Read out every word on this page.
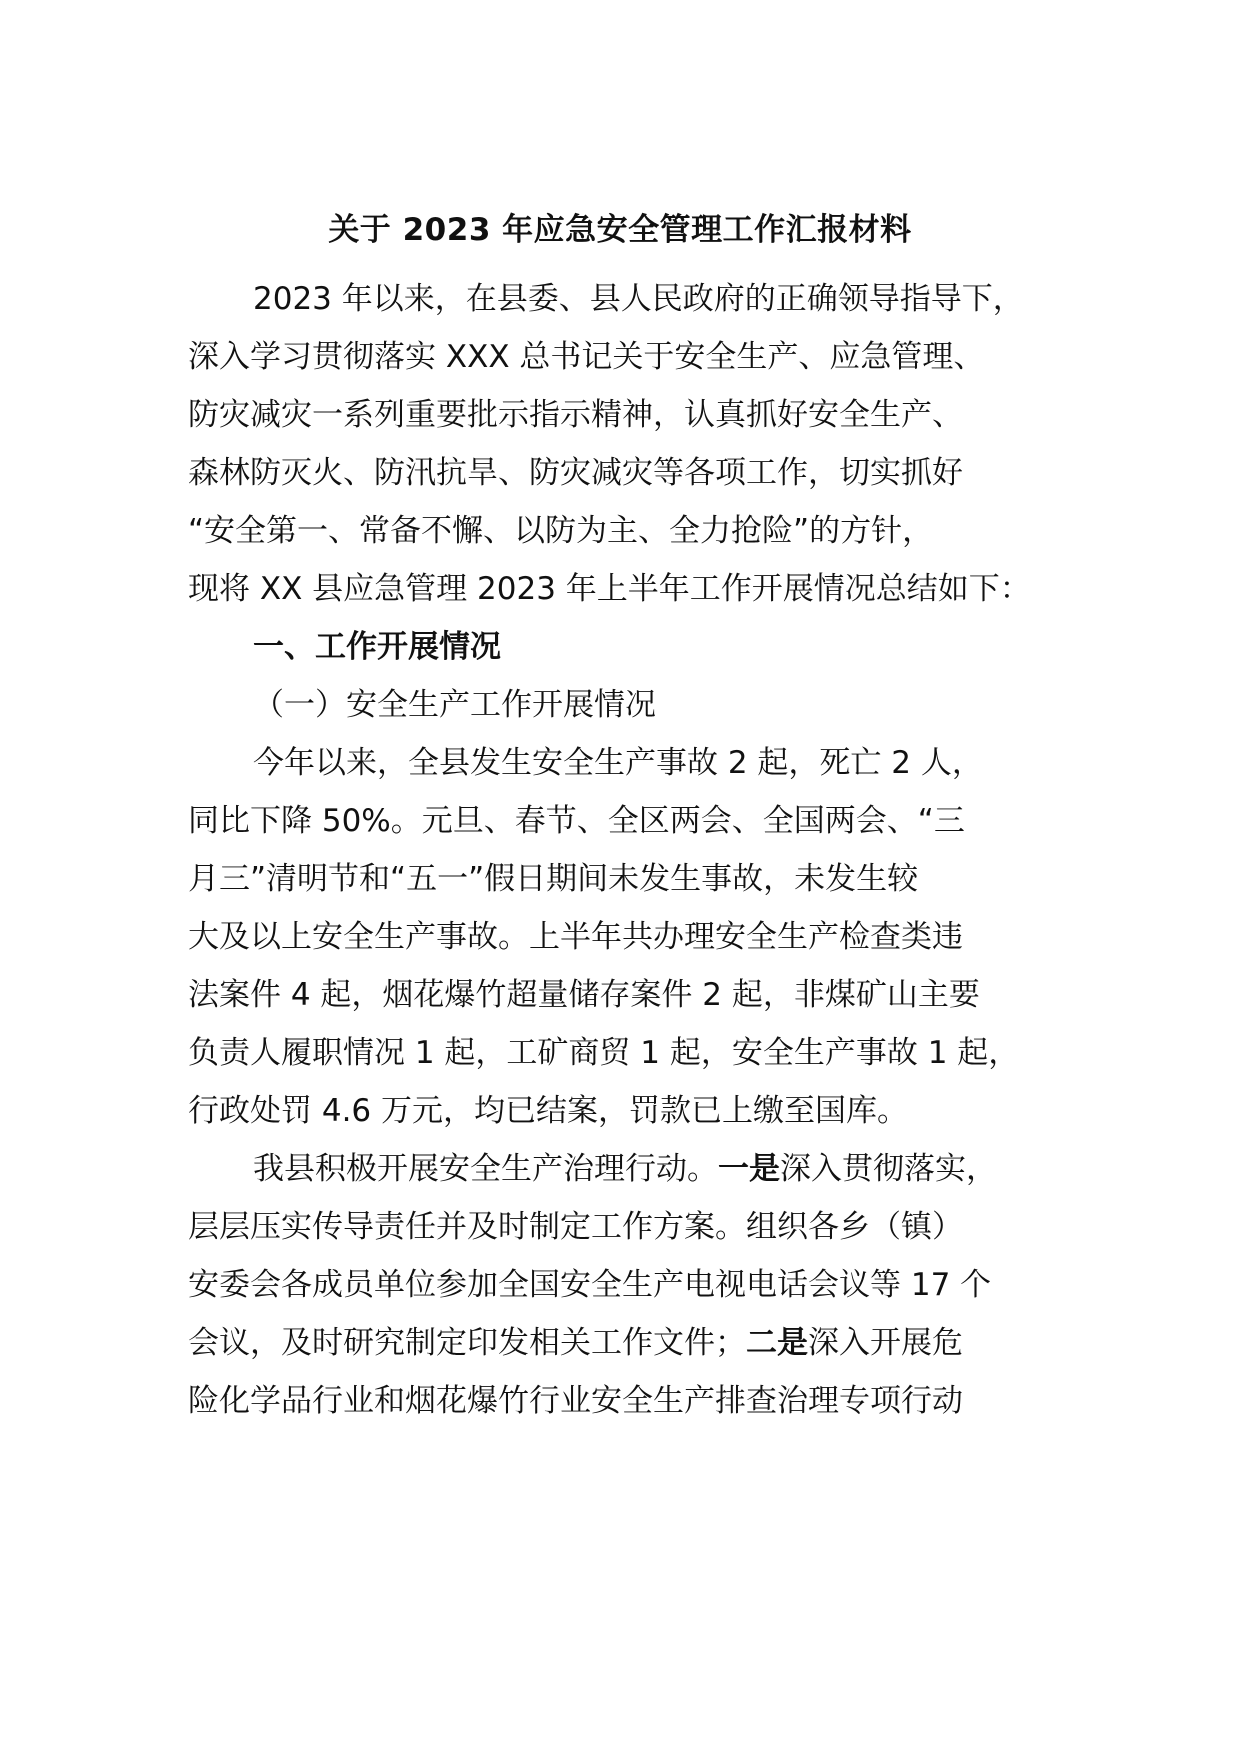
关于 2023 年应急安全管理工作汇报材料
2023 年以来，在县委、县人民政府的正确领导指导下，
深入学习贯彻落实 XXX 总书记关于安全生产、应急管理、
防灾减灾一系列重要批示指示精神，认真抓好安全生产、
森林防灭火、防汛抗旱、防灾减灾等各项工作，切实抓好
“安全第一、常备不懈、以防为主、全力抢险”的方针，
现将 XX 县应急管理 2023 年上半年工作开展情况总结如下：
一、工作开展情况
（一）安全生产工作开展情况
今年以来，全县发生安全生产事故 2 起，死亡 2 人，
同比下降 50%。元旦、春节、全区两会、全国两会、“三
月三”清明节和“五一”假日期间未发生事故，未发生较
大及以上安全生产事故。上半年共办理安全生产检查类违
法案件 4 起，烟花爆竹超量储存案件 2 起，非煤矿山主要
负责人履职情况 1 起，工矿商贸 1 起，安全生产事故 1 起，
行政处罚 4.6 万元，均已结案，罚款已上缴至国库。
我县积极开展安全生产治理行动。一是深入贯彻落实，
层层压实传导责任并及时制定工作方案。组织各乡（镇）
安委会各成员单位参加全国安全生产电视电话会议等 17 个
会议，及时研究制定印发相关工作文件；二是深入开展危
险化学品行业和烟花爆竹行业安全生产排查治理专项行动
